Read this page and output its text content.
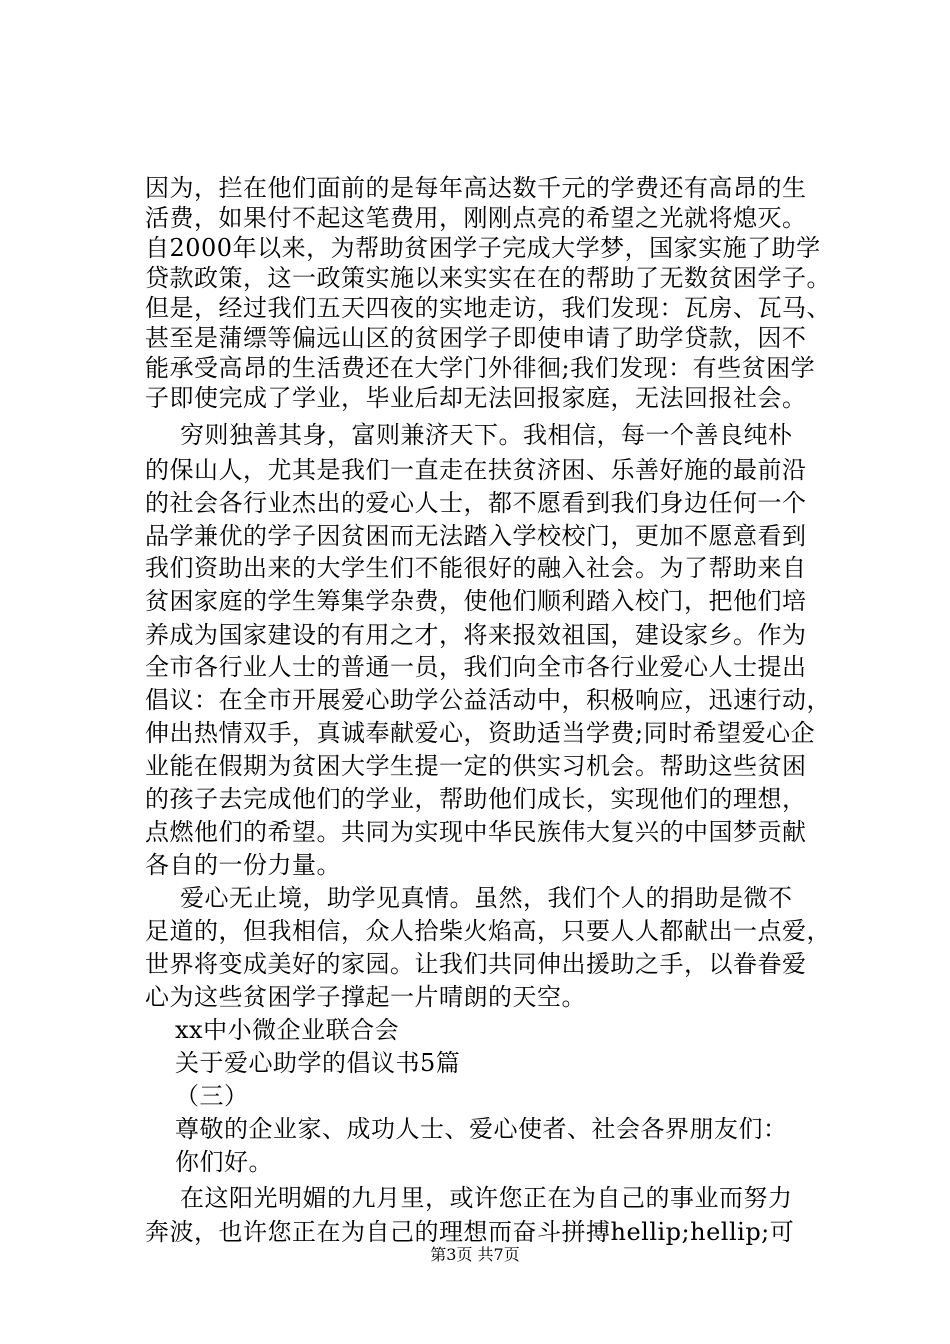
因为，拦在他们面前的是每年高达数千元的学费还有高昂的生
活费，如果付不起这笔费用，刚刚点亮的希望之光就将熄灭。
自2000年以来，为帮助贫困学子完成大学梦，国家实施了助学
贷款政策，这一政策实施以来实实在在的帮助了无数贫困学子。
但是，经过我们五天四夜的实地走访，我们发现：瓦房、瓦马、
甚至是蒲缥等偏远山区的贫困学子即使申请了助学贷款，因不
能承受高昂的生活费还在大学门外徘徊;我们发现：有些贫困学
子即使完成了学业，毕业后却无法回报家庭，无法回报社会。
穷则独善其身，富则兼济天下。我相信，每一个善良纯朴
的保山人，尤其是我们一直走在扶贫济困、乐善好施的最前沿
的社会各行业杰出的爱心人士，都不愿看到我们身边任何一个
品学兼优的学子因贫困而无法踏入学校校门，更加不愿意看到
我们资助出来的大学生们不能很好的融入社会。为了帮助来自
贫困家庭的学生筹集学杂费，使他们顺利踏入校门，把他们培
养成为国家建设的有用之才，将来报效祖国，建设家乡。作为
全市各行业人士的普通一员，我们向全市各行业爱心人士提出
倡议：在全市开展爱心助学公益活动中，积极响应，迅速行动，
伸出热情双手，真诚奉献爱心，资助适当学费;同时希望爱心企
业能在假期为贫困大学生提一定的供实习机会。帮助这些贫困
的孩子去完成他们的学业，帮助他们成长，实现他们的理想，
点燃他们的希望。共同为实现中华民族伟大复兴的中国梦贡献
各自的一份力量。
爱心无止境，助学见真情。虽然，我们个人的捐助是微不
足道的，但我相信，众人拾柴火焰高，只要人人都献出一点爱，
世界将变成美好的家园。让我们共同伸出援助之手，以眷眷爱
心为这些贫困学子撑起一片晴朗的天空。
xx中小微企业联合会
关于爱心助学的倡议书5篇
（三）
尊敬的企业家、成功人士、爱心使者、社会各界朋友们：
你们好。
在这阳光明媚的九月里，或许您正在为自己的事业而努力
奔波，也许您正在为自己的理想而奋斗拼搏hellip;hellip;可
第3页 共7页
